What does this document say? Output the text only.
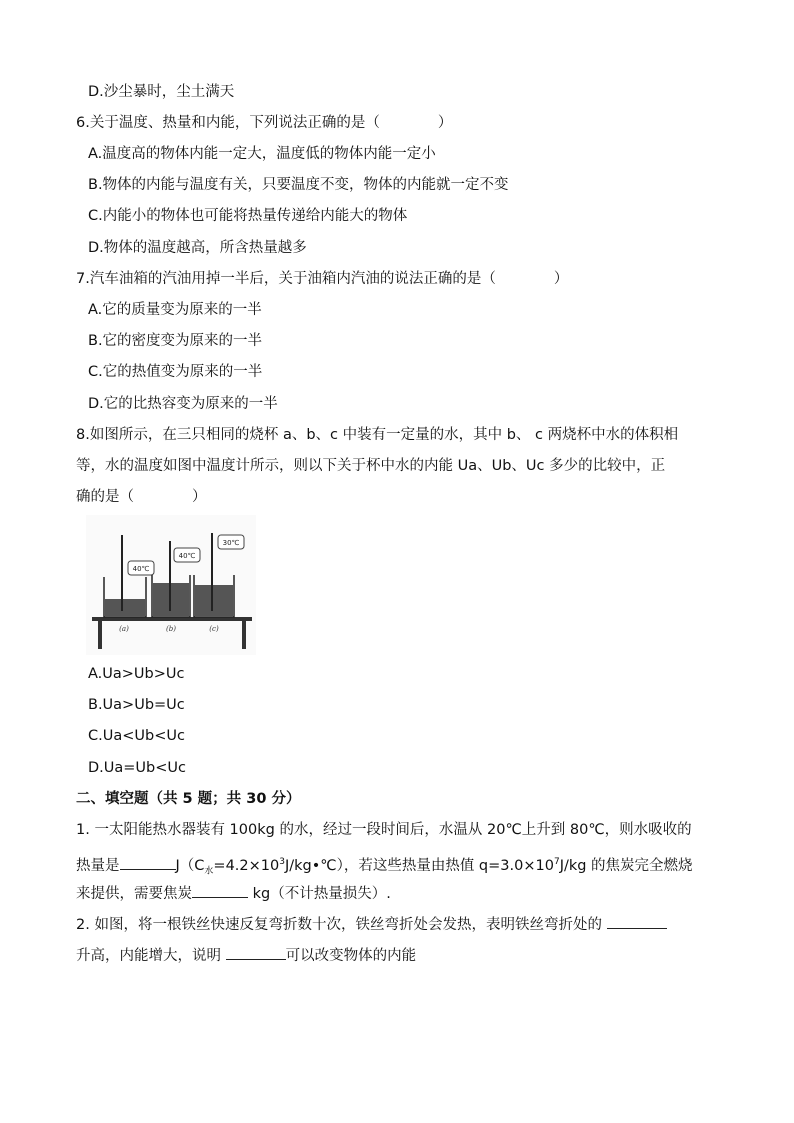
D.沙尘暴时，尘土满天
6.关于温度、热量和内能，下列说法正确的是（　　　　）
A.温度高的物体内能一定大，温度低的物体内能一定小
B.物体的内能与温度有关，只要温度不变，物体的内能就一定不变
C.内能小的物体也可能将热量传递给内能大的物体
D.物体的温度越高，所含热量越多
7.汽车油箱的汽油用掉一半后，关于油箱内汽油的说法正确的是（　　　　）
A.它的质量变为原来的一半
B.它的密度变为原来的一半
C.它的热值变为原来的一半
D.它的比热容变为原来的一半
8.如图所示，在三只相同的烧杯 a、b、c 中装有一定量的水，其中 b、 c 两烧杯中水的体积相
等，水的温度如图中温度计所示，则以下关于杯中水的内能 Ua、Ub、Uc 多少的比较中，正
确的是（　　　　）
40℃
40℃
30℃
(a)	(b)	(c)
A.Ua>Ub>Uc
B.Ua>Ub=Uc
C.Ua<Ub<Uc
D.Ua=Ub<Uc
二、填空题（共 5 题；共 30 分）
1. 一太阳能热水器装有 100kg 的水，经过一段时间后，水温从 20℃上升到 80℃，则水吸收的
热量是	$J(C_水=4.2\times 10^3J/kg•℃)$，若这些热量由热值 $q=3.0\times 10^7J/kg$ 的焦炭完全燃烧
来提供，需要焦炭	kg（不计热量损失）.
2. 如图，将一根铁丝快速反复弯折数十次，铁丝弯折处会发热，表明铁丝弯折处的
升高，内能增大，说明	可以改变物体的内能
